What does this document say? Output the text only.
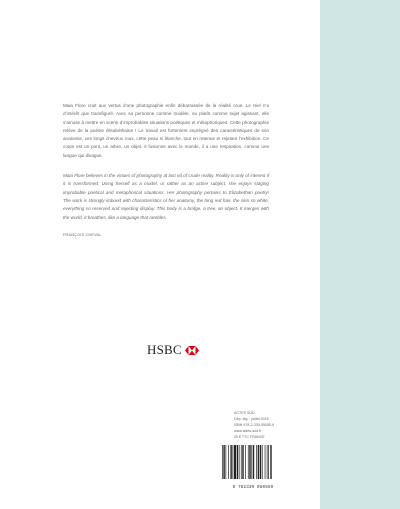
Maia Flore croit aux vertus d’une photographie enfin débarrassée de la réalité crue. Le réel n’a d’intérêt que transfiguré. Avec sa personne comme modèle, ou plutôt comme sujet agissant, elle s’amuse à mettre en scène d’improbables situations poétiques et métaphoriques. Cette photographie relève de la poésie élisabéthaine ! Le travail est fortement imprégné des caractéristiques de son anatomie, ces longs cheveux roux, cette peau si blanche, tout en retenue et rejetant l’exhibition. Ce corps est un pont, un arbre, un objet. Il fusionne avec le monde, il a une respiration, comme une langue qui divague.

Maia Flore believes in the virtues of photography at last rid of crude reality. Reality is only of interest if it is transformed. Using herself as a model, or rather as an active subject, she enjoys staging improbable poetical and metaphorical situations. Her photography pertains to Elizabethan poetry! The work is strongly imbued with characteristics of her anatomy, the long red hair, the skin so white, everything so reserved and rejecting display. This body is a bridge, a tree, an object. It merges with the world, it breathes, like a language that rambles.

FRANÇOIS CHEVAL

HSBC
ACTES SUD
Dép. lég. : juillet 2015
ISBN 978-2-330-05055-9
www.actes-sud.fr
20 € TTC FRANCE
9 782330 050559
